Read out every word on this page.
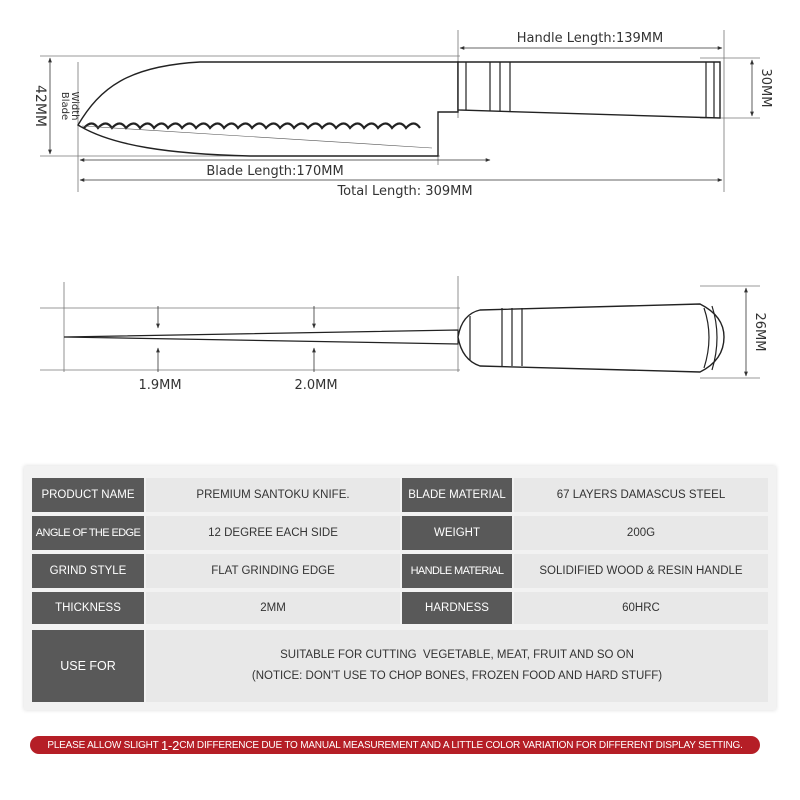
Handle Length:139MM
30MM
42MM Blade Width
Blade Length:170MM
Total Length: 309MM
1.9MM	2.0MM
26MM
PRODUCT NAME	PREMIUM SANTOKU KNIFE.	BLADE MATERIAL	67 LAYERS DAMASCUS STEEL
ANGLE OF THE EDGE	12 DEGREE EACH SIDE	WEIGHT	200G
GRIND STYLE	FLAT GRINDING EDGE	HANDLE MATERIAL	SOLIDIFIED WOOD & RESIN HANDLE
THICKNESS	2MM	HARDNESS	60HRC
USE FOR
SUITABLE FOR CUTTING  VEGETABLE, MEAT, FRUIT AND SO ON
(NOTICE: DON'T USE TO CHOP BONES, FROZEN FOOD AND HARD STUFF)
PLEASE ALLOW SLIGHT 1-2 CM DIFFERENCE DUE TO MANUAL MEASUREMENT AND A LITTLE COLOR VARIATION FOR DIFFERENT DISPLAY SETTING.
